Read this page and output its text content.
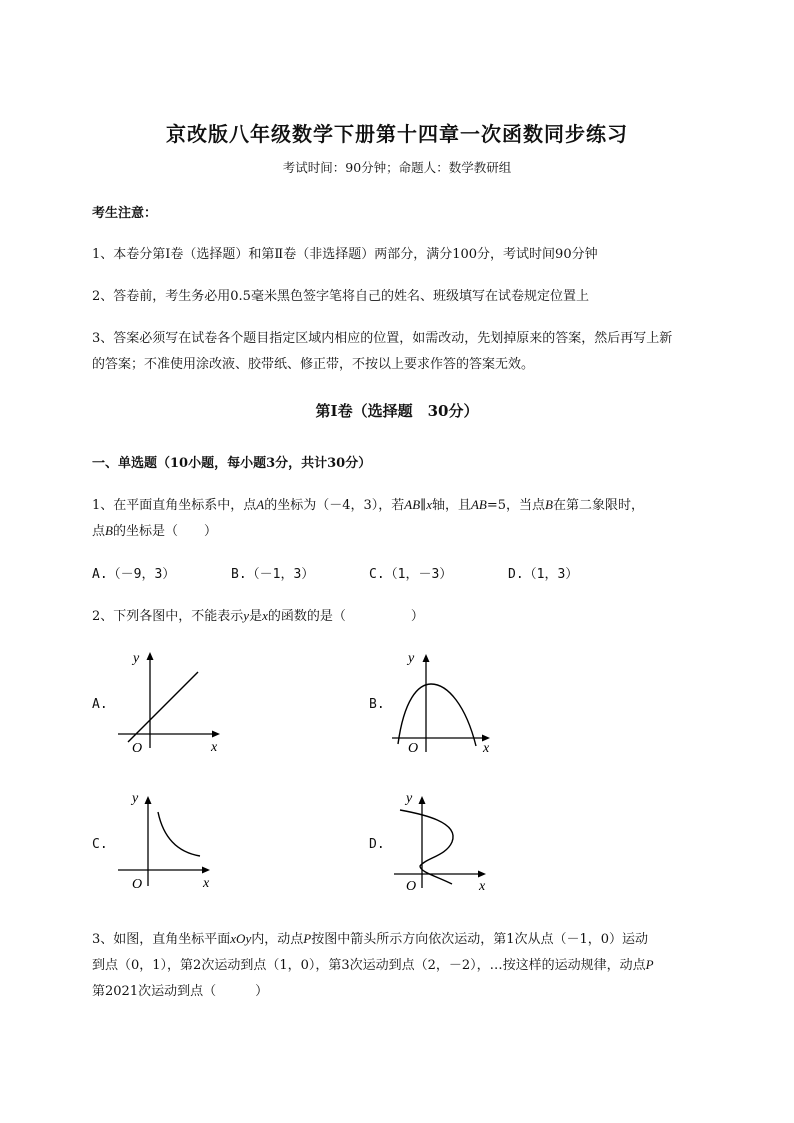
京改版八年级数学下册第十四章一次函数同步练习
考试时间：90分钟；命题人：数学教研组
考生注意：
1、本卷分第Ⅰ卷（选择题）和第Ⅱ卷（非选择题）两部分，满分100分，考试时间90分钟
2、答卷前，考生务必用0.5毫米黑色签字笔将自己的姓名、班级填写在试卷规定位置上
3、答案必须写在试卷各个题目指定区域内相应的位置，如需改动，先划掉原来的答案，然后再写上新
的答案；不准使用涂改液、胶带纸、修正带，不按以上要求作答的答案无效。
第Ⅰ卷（选择题　30分）
一、单选题（10小题，每小题3分，共计30分）
1、在平面直角坐标系中，点A的坐标为（－4，3），若AB∥x轴，且AB=5，当点B在第二象限时，
点B的坐标是（　　）
A.（－9，3）	B.（－1，3）	C.（1，－3）	D.（1，3）
2、下列各图中，不能表示y是x的函数的是（　　　　　）
A.	B.
C.	D.
y
x
O
y
x
O
y
x
O
y
x
O
3、如图，直角坐标平面xOy内，动点P按图中箭头所示方向依次运动，第1次从点（－1，0）运动
到点（0，1），第2次运动到点（1，0），第3次运动到点（2，－2），…按这样的运动规律，动点P
第2021次运动到点（　　　）
